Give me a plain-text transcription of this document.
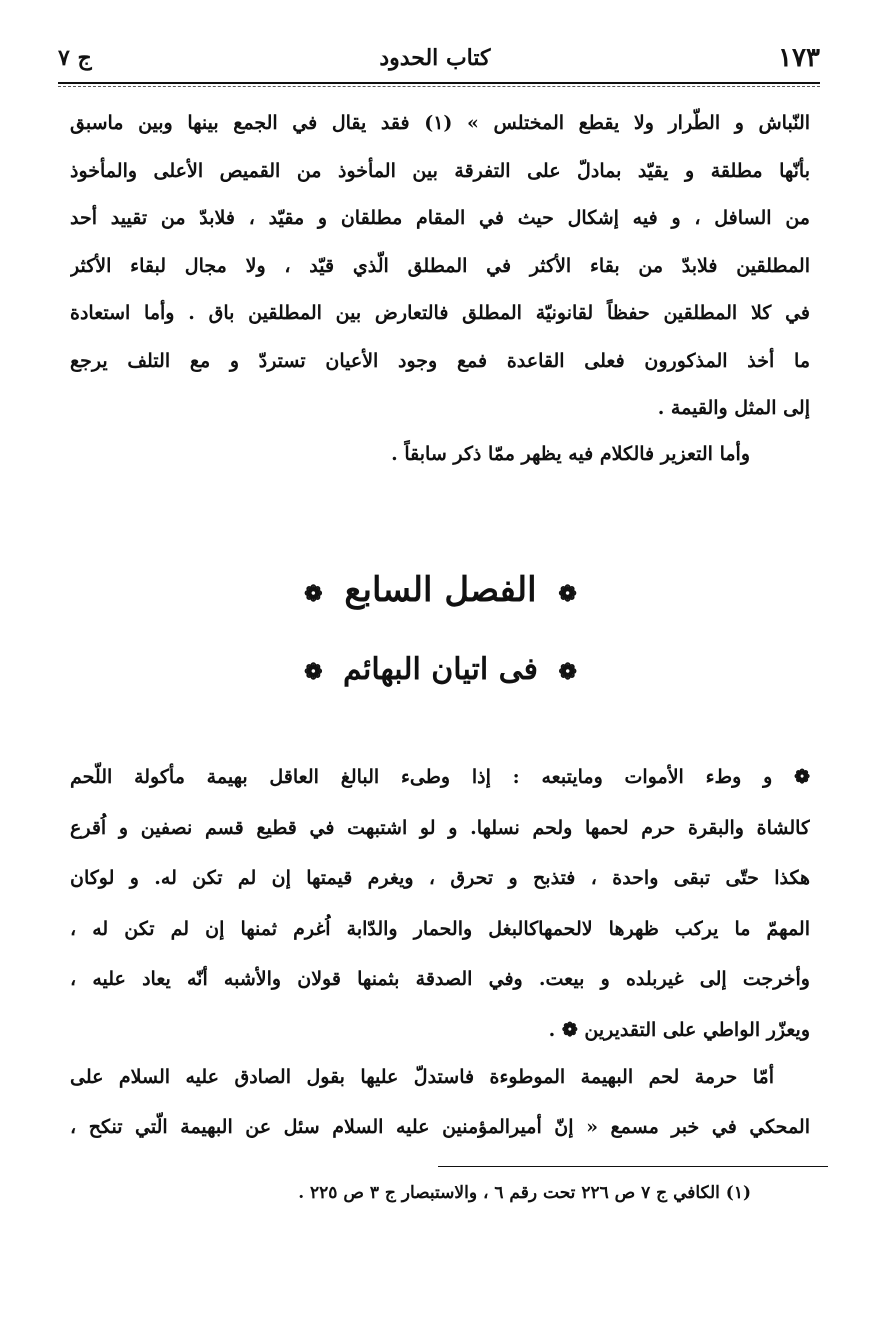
١٧٣
كتاب الحدود
ج ٧
النّباش و الطّرار ولا يقطع المختلس » (١) فقد يقال في الجمع بينها وبين ماسبق
بأنّها مطلقة و يقيّد بمادلّ على التفرقة بين المأخوذ من القميص الأعلى والمأخوذ
من السافل ، و فيه إشكال حيث في المقام مطلقان و مقيّد ، فلابدّ من تقييد أحد
المطلقين فلابدّ من بقاء الأكثر في المطلق الّذي قيّد ، ولا مجال لبقاء الأكثر
في كلا المطلقين حفظاً لقانونيّة المطلق فالتعارض بين المطلقين باق . وأما استعادة
ما أخذ المذكورون فعلى القاعدة فمع وجود الأعيان تستردّ و مع التلف يرجع
إلى المثل والقيمة .
وأما التعزير فالكلام فيه يظهر ممّا ذكر سابقاً .
❁ الفصل السابع ❁
❁ فى اتيان البهائم ❁
❁ و وطء الأموات ومايتبعه : إذا وطىء البالغ العاقل بهيمة مأكولة اللّحم
كالشاة والبقرة حرم لحمها ولحم نسلها. و لو اشتبهت في قطيع قسم نصفين و اُقرع
هكذا حتّى تبقى واحدة ، فتذبح و تحرق ، ويغرم قيمتها إن لم تكن له. و لوكان
المهمّ ما يركب ظهرها لالحمهاكالبغل والحمار والدّابة اُغرم ثمنها إن لم تكن له ،
وأخرجت إلى غيربلده و بيعت. وفي الصدقة بثمنها قولان والأشبه أنّه يعاد عليه ،
ويعزّر الواطي على التقديرين ❁ .
أمّا حرمة لحم البهيمة الموطوءة فاستدلّ عليها بقول الصادق عليه السلام على
المحكي في خبر مسمع « إنّ أميرالمؤمنين عليه السلام سئل عن البهيمة الّتي تنكح ،
(١) الكافي ج ٧ ص ٢٢٦ تحت رقم ٦ ، والاستبصار ج ٣ ص ٢٢٥ .
